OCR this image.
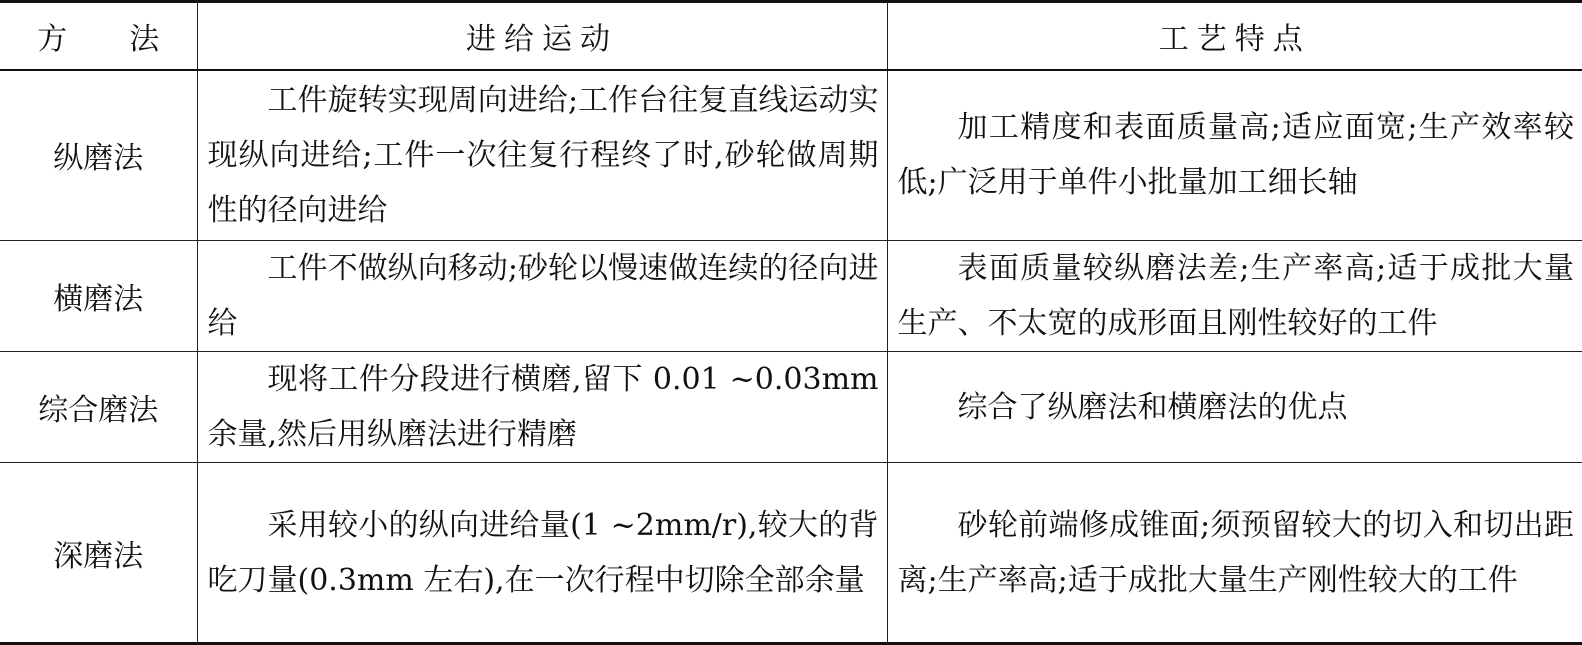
方 法	进给运动	工艺特点
纵磨法	工件旋转实现周向进给;工作台往复直线运动实现纵向进给;工件一次往复行程终了时,砂轮做周期性的径向进给	加工精度和表面质量高;适应面宽;生产效率较低;广泛用于单件小批量加工细长轴

横磨法	工件不做纵向移动;砂轮以慢速做连续的径向进给	表面质量较纵磨法差;生产率高;适于成批大量生产、不太宽的成形面且刚性较好的工件

综合磨法	现将工件分段进行横磨,留下 0.01 ~0.03mm 余量,然后用纵磨法进行精磨	综合了纵磨法和横磨法的优点

深磨法	采用较小的纵向进给量(1 ~2mm/r),较大的背吃刀量(0.3mm 左右),在一次行程中切除全部余量	砂轮前端修成锥面;须预留较大的切入和切出距离;生产率高;适于成批大量生产刚性较大的工件
